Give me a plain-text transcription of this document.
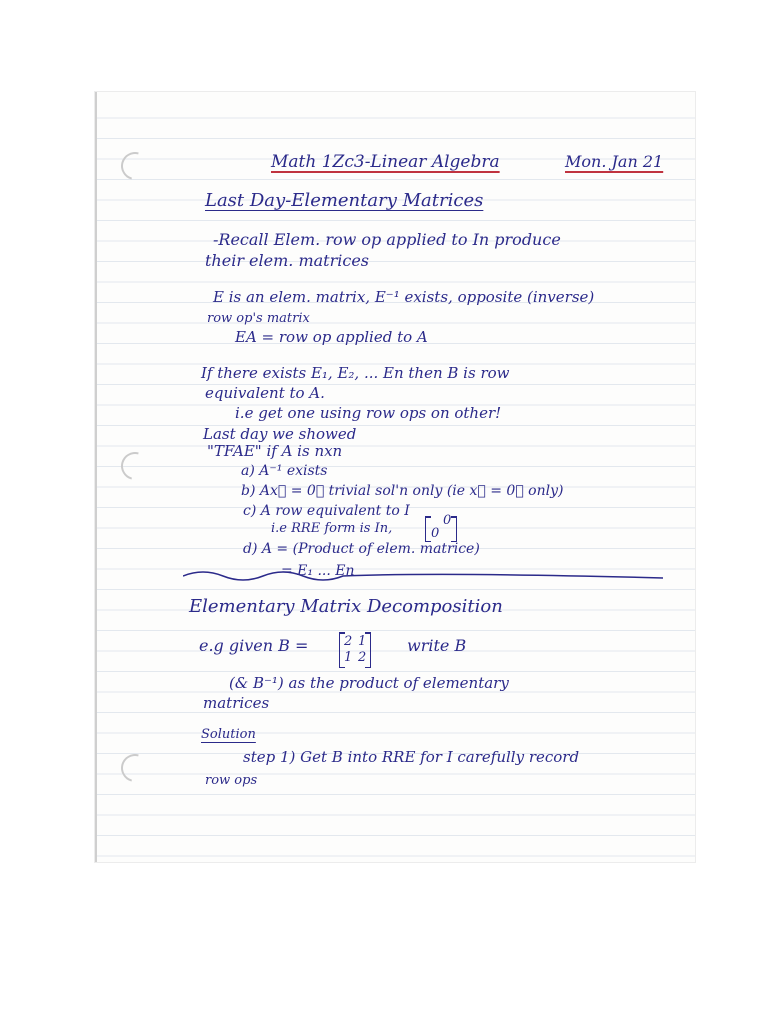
Math 1Zc3-Linear Algebra	Mon. Jan 21
Last Day-Elementary Matrices
-Recall Elem. row op applied to In produce
their elem. matrices
E is an elem. matrix, E⁻¹ exists, opposite (inverse)
row op's matrix
EA = row op applied to A
If there exists E₁, E₂, ... En then B is row
equivalent to A.
i.e get one using row ops on other!
Last day we showed
"TFAE" if A is nxn
a) A⁻¹ exists
b) Ax⃗ = 0⃗ trivial sol'n only (ie x⃗ = 0⃗ only)
c) A row equivalent to I
i.e RRE form is In,	0
0
d) A = (Product of elem. matrice)
= E₁ ... En
Elementary Matrix Decomposition
e.g given B =	2 1
1 2
write B
(& B⁻¹) as the product of elementary
matrices
Solution
step 1) Get B into RRE for I carefully record
row ops
